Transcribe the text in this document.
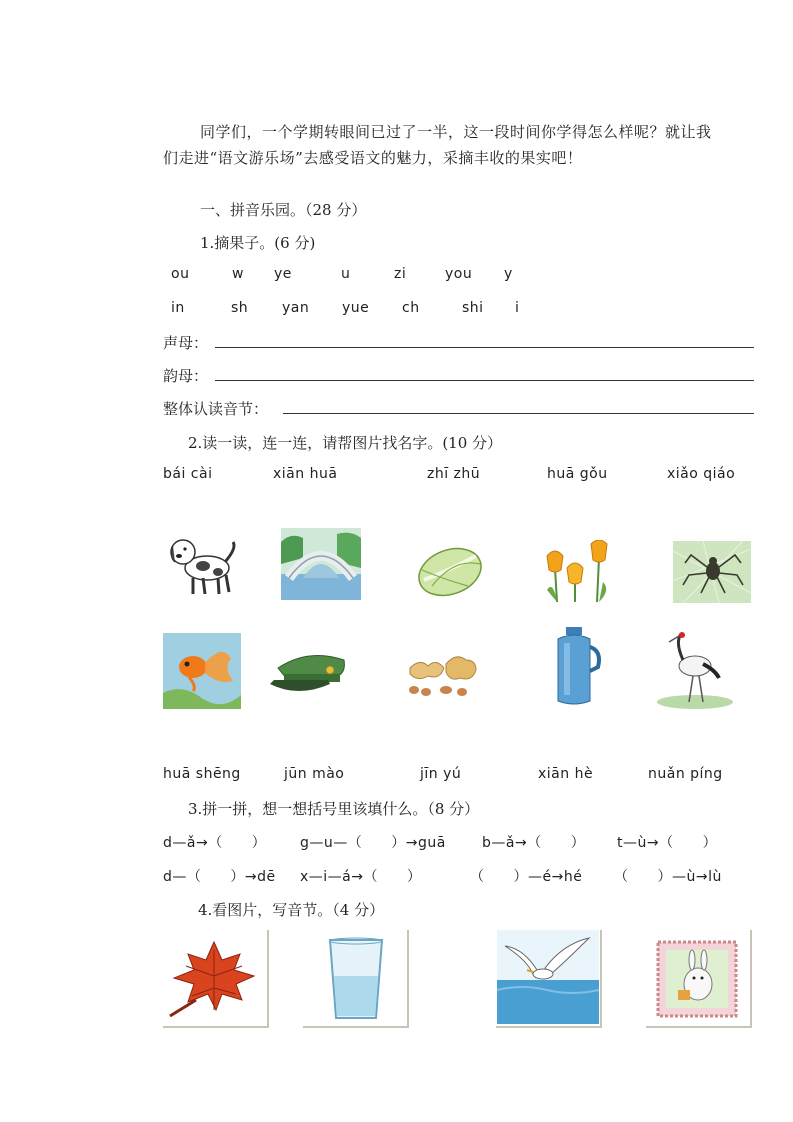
同学们，一个学期转眼间已过了一半，这一段时间你学得怎么样呢？就让我
们走进“语文游乐场”去感受语文的魅力，采摘丰收的果实吧！
一、拼音乐园。（28 分）
1.摘果子。(6 分)
ou	w ye	u	zi	you y
in	sh yan yue ch	shi i
声母：
韵母：
整体认读音节：
2.读一读，连一连，请帮图片找名字。(10 分）
bái cài	xiān huā	zhī zhū	huā gǒu	xiǎo qiáo
huā shēng	jūn mào	jīn yú	xiān hè	nuǎn píng
3.拼一拼，想一想括号里该填什么。（8 分）
d—ǎ→（　　） g—u—（　　）→guā	b—ǎ→（　　） t—ù→（　　）
d—（　　）→dē x—i—á→（　　）	（　　）—é→hé （　　）—ù→lù
4.看图片，写音节。（4 分）
